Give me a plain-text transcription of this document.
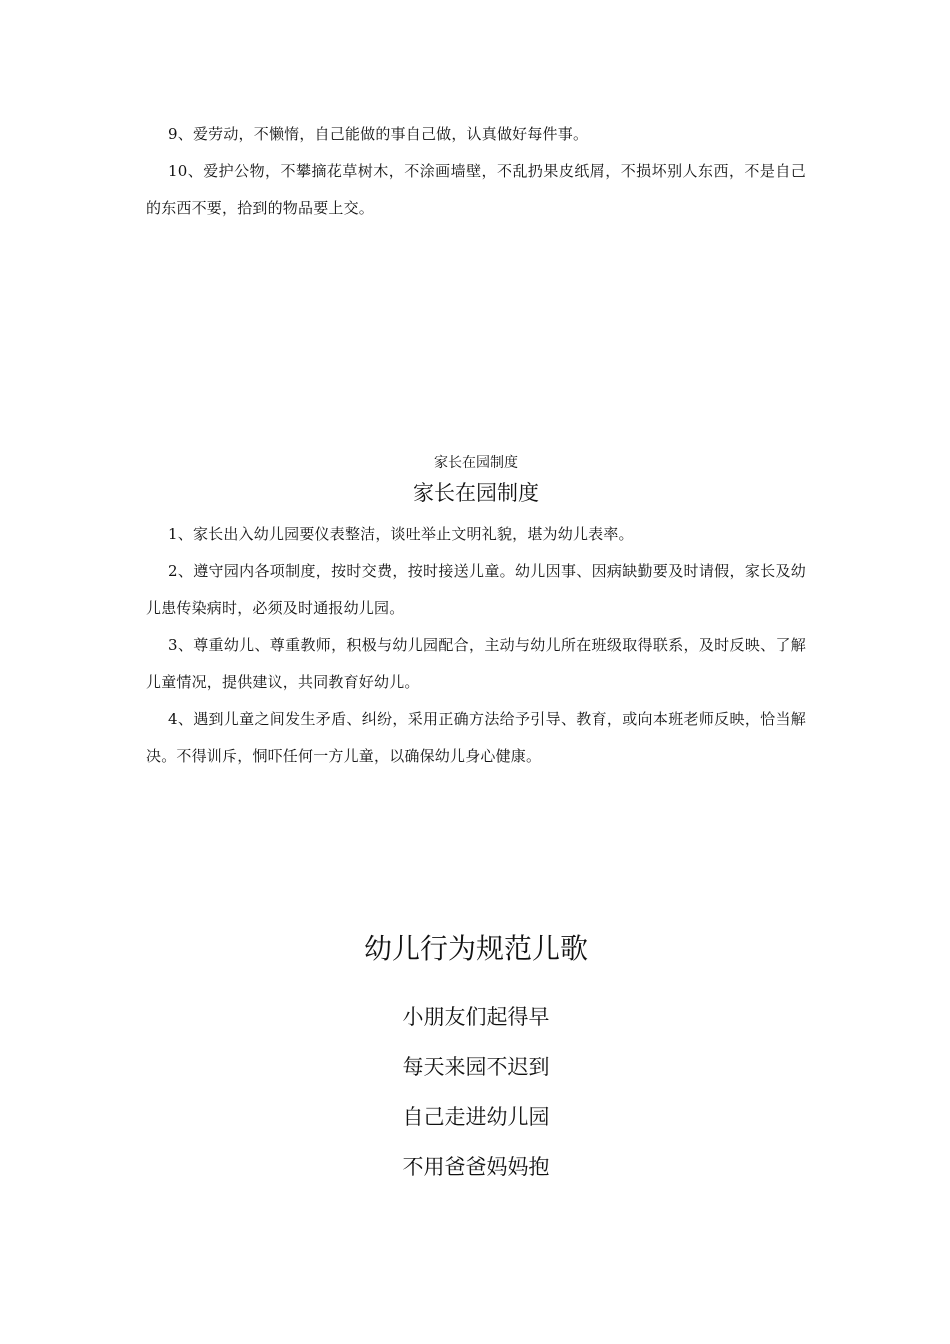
9、爱劳动，不懒惰，自己能做的事自己做，认真做好每件事。

10、爱护公物，不攀摘花草树木，不涂画墙壁，不乱扔果皮纸屑，不损坏别人东西，不是自己的东西不要，拾到的物品要上交。

家长在园制度

家长在园制度

1、家长出入幼儿园要仪表整洁，谈吐举止文明礼貌，堪为幼儿表率。

2、遵守园内各项制度，按时交费，按时接送儿童。幼儿因事、因病缺勤要及时请假，家长及幼儿患传染病时，必须及时通报幼儿园。

3、尊重幼儿、尊重教师，积极与幼儿园配合，主动与幼儿所在班级取得联系，及时反映、了解儿童情况，提供建议，共同教育好幼儿。

4、遇到儿童之间发生矛盾、纠纷，采用正确方法给予引导、教育，或向本班老师反映，恰当解决。不得训斥，恫吓任何一方儿童，以确保幼儿身心健康。

幼儿行为规范儿歌

小朋友们起得早

每天来园不迟到

自己走进幼儿园

不用爸爸妈妈抱
